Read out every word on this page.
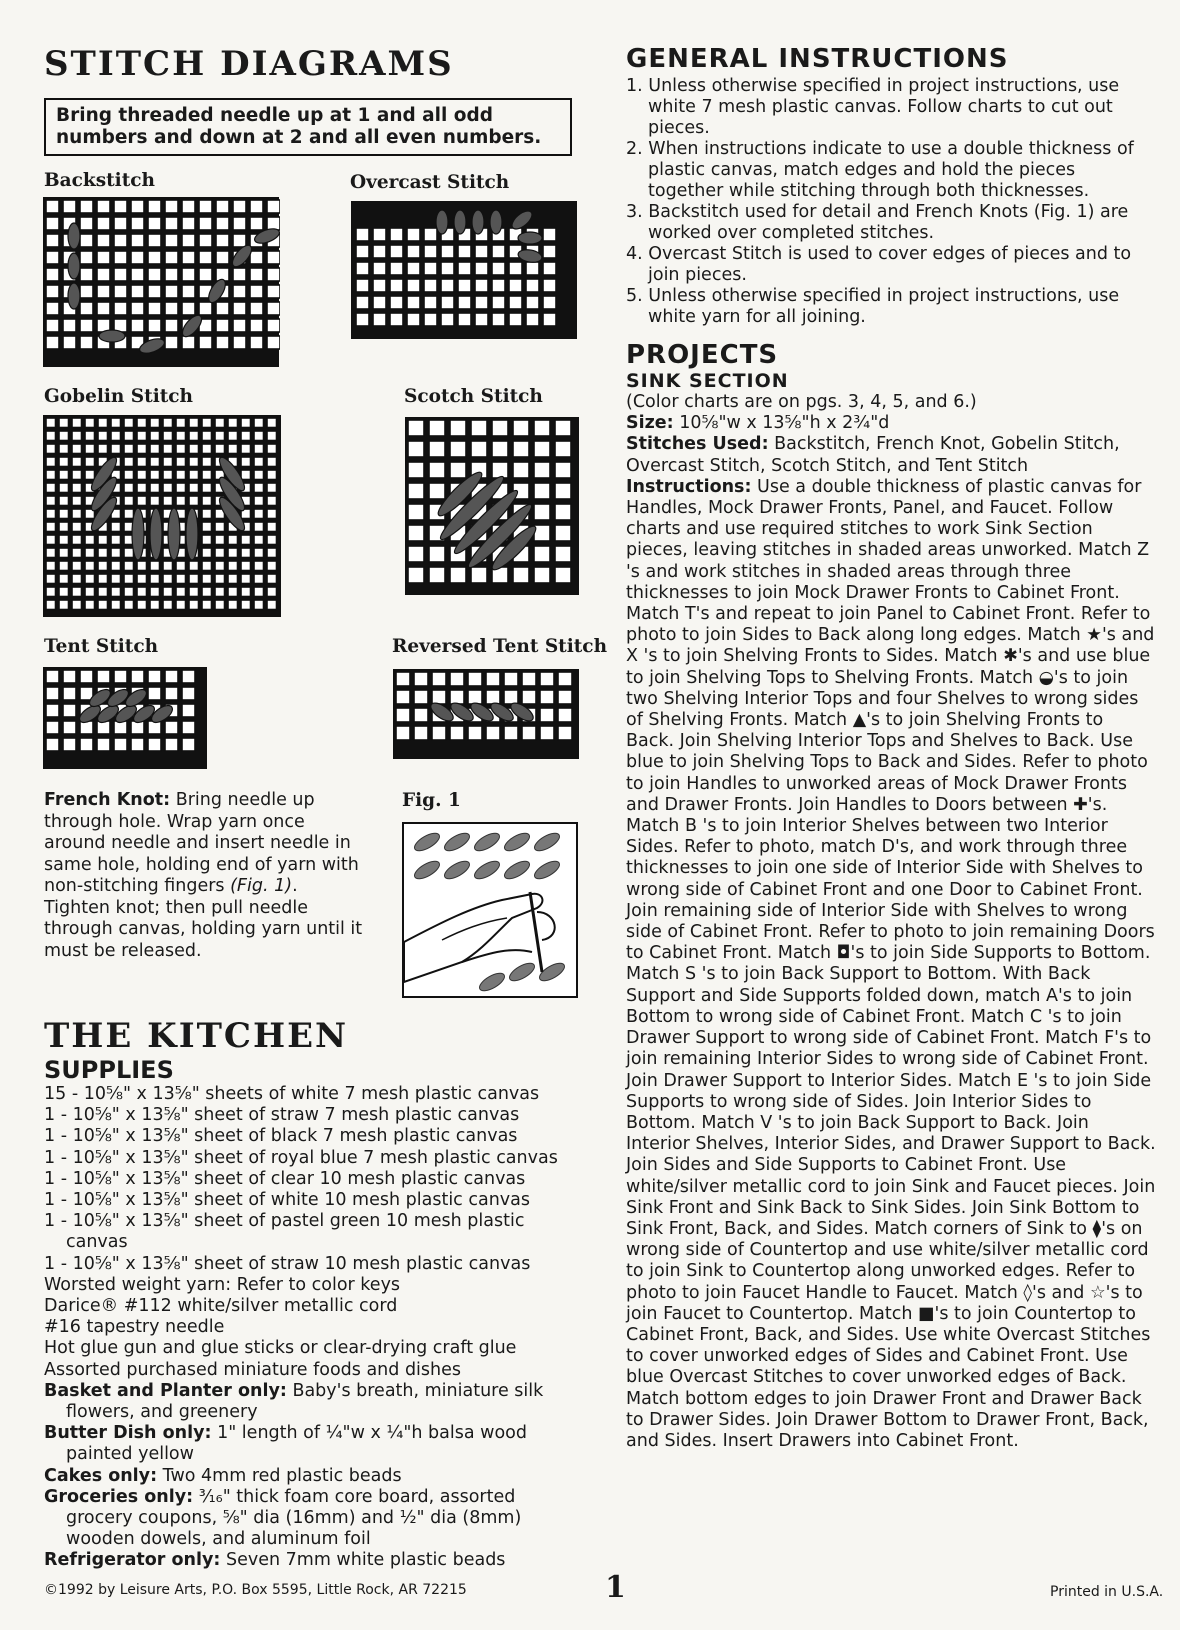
STITCH DIAGRAMS
Bring threaded needle up at 1 and all odd numbers and down at 2 and all even numbers.
Backstitch	Overcast Stitch
Gobelin Stitch	Scotch Stitch
Tent Stitch	Reversed Tent Stitch
French Knot: Bring needle up through hole. Wrap yarn once around needle and insert needle in same hole, holding end of yarn with non-stitching fingers (Fig. 1). Tighten knot; then pull needle through canvas, holding yarn until it must be released.
Fig. 1
THE KITCHEN
SUPPLIES
15 - 10⅝" x 13⅝" sheets of white 7 mesh plastic canvas
1 - 10⅝" x 13⅝" sheet of straw 7 mesh plastic canvas
1 - 10⅝" x 13⅝" sheet of black 7 mesh plastic canvas
1 - 10⅝" x 13⅝" sheet of royal blue 7 mesh plastic canvas
1 - 10⅝" x 13⅝" sheet of clear 10 mesh plastic canvas
1 - 10⅝" x 13⅝" sheet of white 10 mesh plastic canvas
1 - 10⅝" x 13⅝" sheet of pastel green 10 mesh plastic canvas
1 - 10⅝" x 13⅝" sheet of straw 10 mesh plastic canvas
Worsted weight yarn: Refer to color keys
Darice® #112 white/silver metallic cord
#16 tapestry needle
Hot glue gun and glue sticks or clear-drying craft glue
Assorted purchased miniature foods and dishes
Basket and Planter only: Baby's breath, miniature silk flowers, and greenery
Butter Dish only: 1" length of ¼"w x ¼"h balsa wood painted yellow
Cakes only: Two 4mm red plastic beads
Groceries only: ³⁄₁₆" thick foam core board, assorted grocery coupons, ⅝" dia (16mm) and ½" dia (8mm) wooden dowels, and aluminum foil
Refrigerator only: Seven 7mm white plastic beads
GENERAL INSTRUCTIONS
1. Unless otherwise specified in project instructions, use white 7 mesh plastic canvas. Follow charts to cut out pieces.
2. When instructions indicate to use a double thickness of plastic canvas, match edges and hold the pieces together while stitching through both thicknesses.
3. Backstitch used for detail and French Knots (Fig. 1) are worked over completed stitches.
4. Overcast Stitch is used to cover edges of pieces and to join pieces.
5. Unless otherwise specified in project instructions, use white yarn for all joining.
PROJECTS
SINK SECTION
(Color charts are on pgs. 3, 4, 5, and 6.)
Size: 10⅝"w x 13⅝"h x 2¾"d
Stitches Used: Backstitch, French Knot, Gobelin Stitch, Overcast Stitch, Scotch Stitch, and Tent Stitch
Instructions: Use a double thickness of plastic canvas for Handles, Mock Drawer Fronts, Panel, and Faucet. Follow charts and use required stitches to work Sink Section pieces, leaving stitches in shaded areas unworked. Match Z 's and work stitches in shaded areas through three thicknesses to join Mock Drawer Fronts to Cabinet Front. Match T's and repeat to join Panel to Cabinet Front. Refer to photo to join Sides to Back along long edges. Match ★'s and X 's to join Shelving Fronts to Sides. Match ✱'s and use blue to join Shelving Tops to Shelving Fronts. Match ◒'s to join two Shelving Interior Tops and four Shelves to wrong sides of Shelving Fronts. Match ▲'s to join Shelving Fronts to Back. Join Shelving Interior Tops and Shelves to Back. Use blue to join Shelving Tops to Back and Sides. Refer to photo to join Handles to unworked areas of Mock Drawer Fronts and Drawer Fronts. Join Handles to Doors between ✚'s. Match B 's to join Interior Shelves between two Interior Sides. Refer to photo, match D's, and work through three thicknesses to join one side of Interior Side with Shelves to wrong side of Cabinet Front and one Door to Cabinet Front. Join remaining side of Interior Side with Shelves to wrong side of Cabinet Front. Refer to photo to join remaining Doors to Cabinet Front. Match ◘'s to join Side Supports to Bottom. Match S 's to join Back Support to Bottom. With Back Support and Side Supports folded down, match A's to join Bottom to wrong side of Cabinet Front. Match C 's to join Drawer Support to wrong side of Cabinet Front. Match F's to join remaining Interior Sides to wrong side of Cabinet Front. Join Drawer Support to Interior Sides. Match E 's to join Side Supports to wrong side of Sides. Join Interior Sides to Bottom. Match V 's to join Back Support to Back. Join Interior Shelves, Interior Sides, and Drawer Support to Back. Join Sides and Side Supports to Cabinet Front. Use white/silver metallic cord to join Sink and Faucet pieces. Join Sink Front and Sink Back to Sink Sides. Join Sink Bottom to Sink Front, Back, and Sides. Match corners of Sink to ⧫'s on wrong side of Countertop and use white/silver metallic cord to join Sink to Countertop along unworked edges. Refer to photo to join Faucet Handle to Faucet. Match ◊'s and ☆'s to join Faucet to Countertop. Match ■'s to join Countertop to Cabinet Front, Back, and Sides. Use white Overcast Stitches to cover unworked edges of Sides and Cabinet Front. Use blue Overcast Stitches to cover unworked edges of Back. Match bottom edges to join Drawer Front and Drawer Back to Drawer Sides. Join Drawer Bottom to Drawer Front, Back, and Sides. Insert Drawers into Cabinet Front.
©1992 by Leisure Arts, P.O. Box 5595, Little Rock, AR 72215	1	Printed in U.S.A.
